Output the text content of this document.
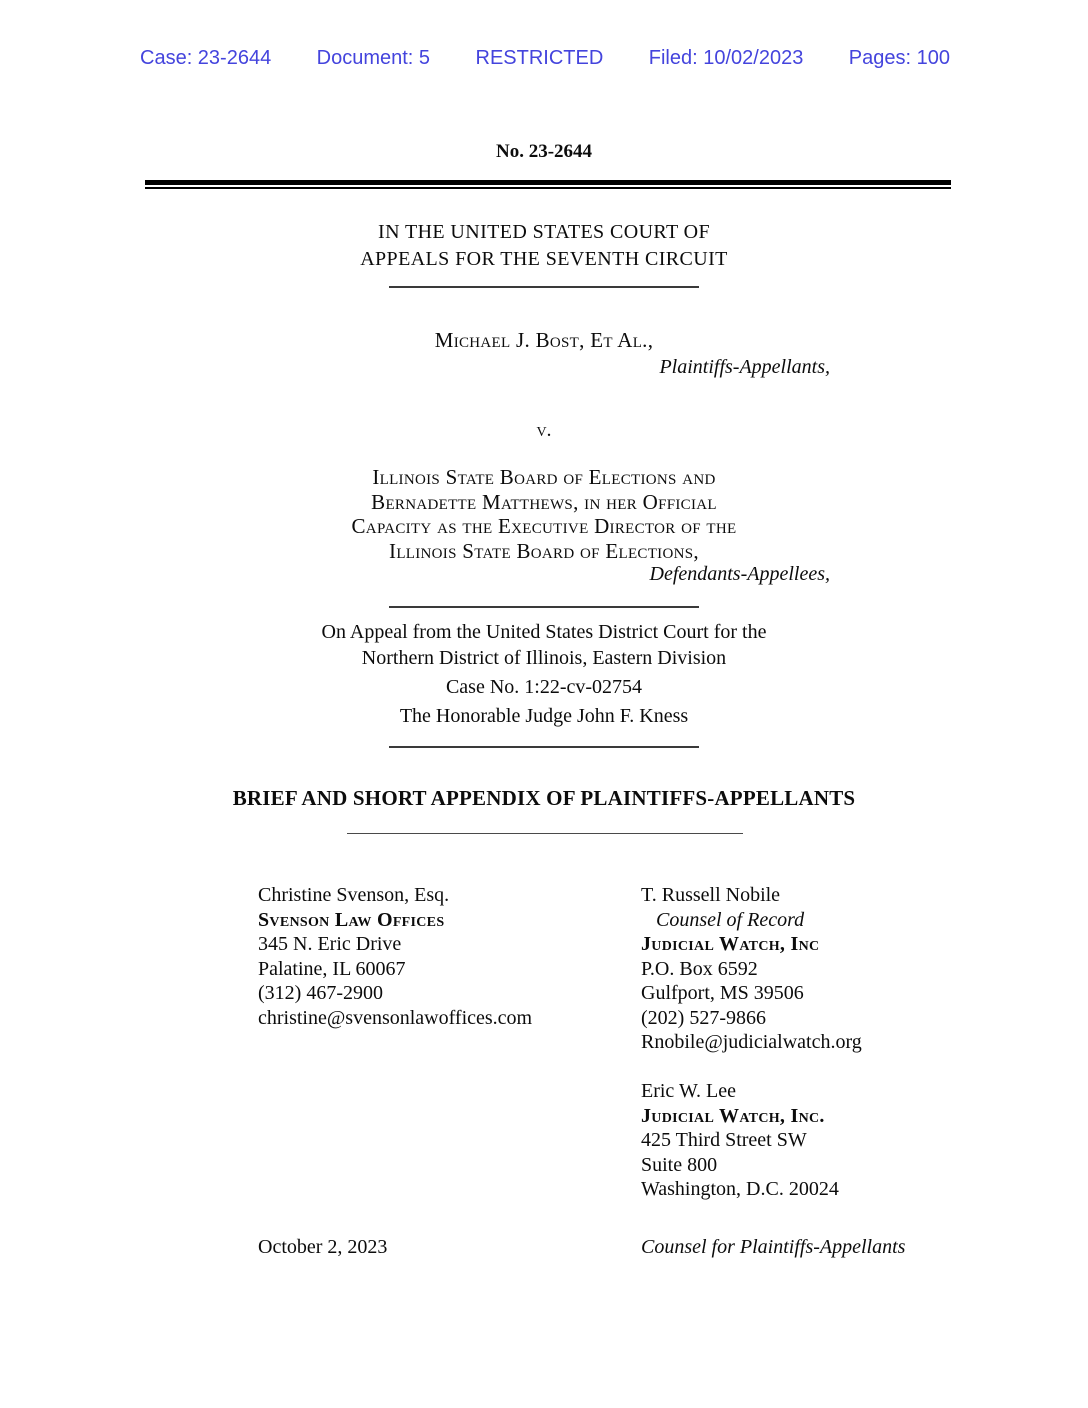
Case: 23-2644 Document: 5 RESTRICTED Filed: 10/02/2023 Pages: 100
No. 23-2644
IN THE UNITED STATES COURT OF
APPEALS FOR THE SEVENTH CIRCUIT
Michael J. Bost, Et Al.,
Plaintiffs-Appellants,
v.
Illinois State Board of Elections and
Bernadette Matthews, in her Official
Capacity as the Executive Director of the
Illinois State Board of Elections,
Defendants-Appellees,
On Appeal from the United States District Court for the
Northern District of Illinois, Eastern Division
Case No. 1:22-cv-02754
The Honorable Judge John F. Kness
BRIEF AND SHORT APPENDIX OF PLAINTIFFS-APPELLANTS
Christine Svenson, Esq.
Svenson Law Offices
345 N. Eric Drive
Palatine, IL 60067
(312) 467-2900
christine@svensonlawoffices.com
T. Russell Nobile
Counsel of Record
Judicial Watch, Inc
P.O. Box 6592
Gulfport, MS 39506
(202) 527-9866
Rnobile@judicialwatch.org
Eric W. Lee
Judicial Watch, Inc.
425 Third Street SW
Suite 800
Washington, D.C. 20024
October 2, 2023	Counsel for Plaintiffs-Appellants
